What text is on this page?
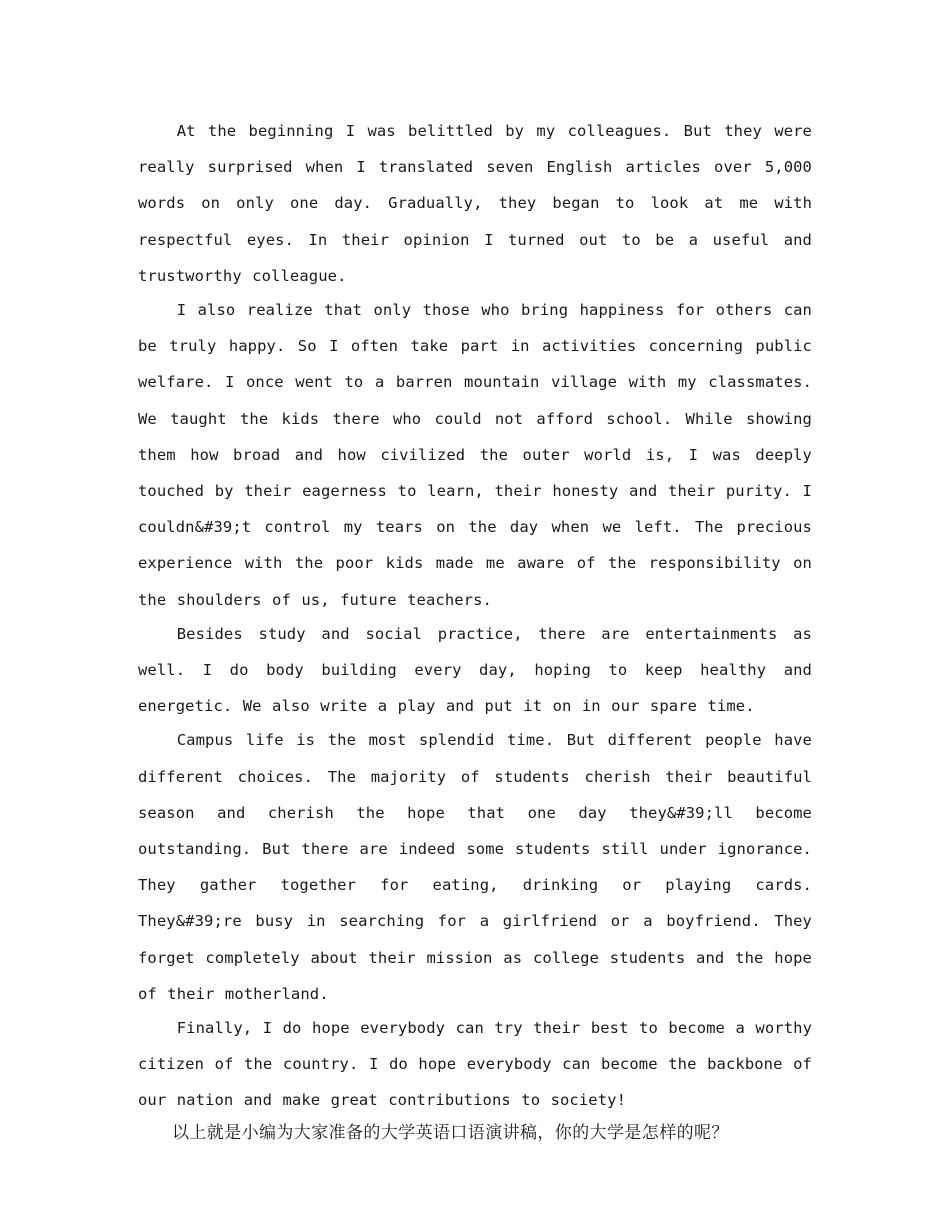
At the beginning I was belittled by my colleagues. But they were really surprised when I translated seven English articles over 5,000 words on only one day. Gradually, they began to look at me with respectful eyes. In their opinion I turned out to be a useful and trustworthy colleague.

I also realize that only those who bring happiness for others can be truly happy. So I often take part in activities concerning public welfare. I once went to a barren mountain village with my classmates. We taught the kids there who could not afford school. While showing them how broad and how civilized the outer world is, I was deeply touched by their eagerness to learn, their honesty and their purity. I couldn&#39;t control my tears on the day when we left. The precious experience with the poor kids made me aware of the responsibility on the shoulders of us, future teachers.

Besides study and social practice, there are entertainments as well. I do body building every day, hoping to keep healthy and energetic. We also write a play and put it on in our spare time.

Campus life is the most splendid time. But different people have different choices. The majority of students cherish their beautiful season and cherish the hope that one day they&#39;ll become outstanding. But there are indeed some students still under ignorance. They gather together for eating, drinking or playing cards. They&#39;re busy in searching for a girlfriend or a boyfriend. They forget completely about their mission as college students and the hope of their motherland.

Finally, I do hope everybody can try their best to become a worthy citizen of the country. I do hope everybody can become the backbone of our nation and make great contributions to society!

以上就是小编为大家准备的大学英语口语演讲稿，你的大学是怎样的呢？
